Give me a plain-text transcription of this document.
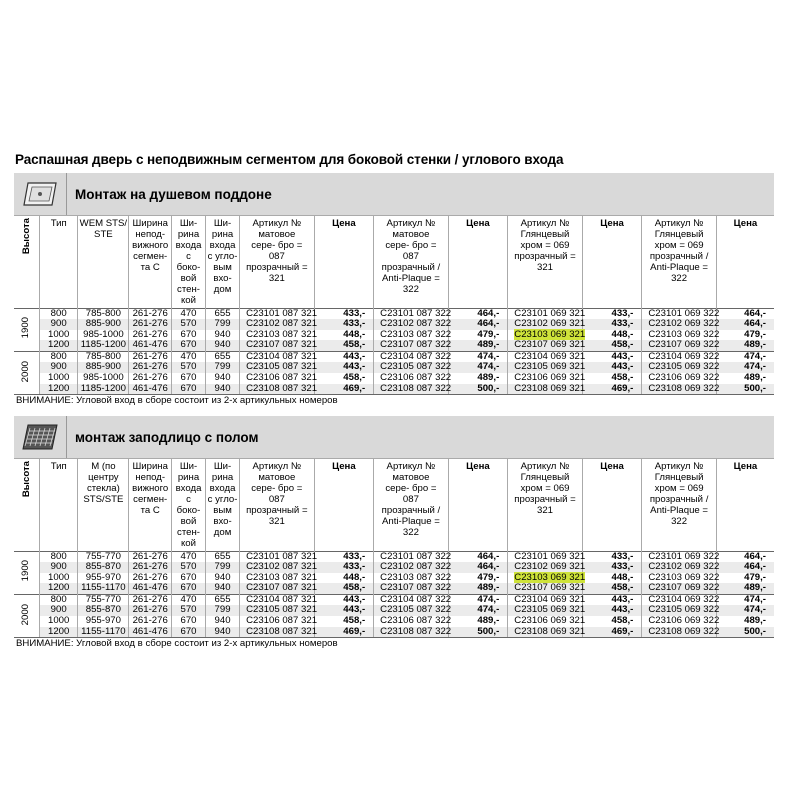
Распашная дверь с неподвижным сегментом для боковой стенки / углового входа
Монтаж на душевом поддоне
Высота	Тип	WEM STS/ STE	Ширина непод- вижного сегмен- та C	Ши- рина входа с боко- вой стен- кой	Ши- рина входа с угло- вым вхо- дом	Артикул № матовое сере- бро = 087 прозрачный = 321	Цена	Артикул № матовое сере- бро = 087 прозрачный / Anti-Plaque = 322	Цена	Артикул № Глянцевый хром = 069 прозрачный = 321	Цена	Артикул № Глянцевый хром = 069 прозрачный / Anti-Plaque = 322	Цена
1900	800	785-800	261-276	470	655	C23101 087 321	433,-	C23101 087 322	464,-	C23101 069 321	433,-	C23101 069 322	464,-
	900	885-900	261-276	570	799	C23102 087 321	433,-	C23102 087 322	464,-	C23102 069 321	433,-	C23102 069 322	464,-
	1000	985-1000	261-276	670	940	C23103 087 321	448,-	C23103 087 322	479,-	C23103 069 321	448,-	C23103 069 322	479,-
	1200	1185-1200	461-476	670	940	C23107 087 321	458,-	C23107 087 322	489,-	C23107 069 321	458,-	C23107 069 322	489,-
2000	800	785-800	261-276	470	655	C23104 087 321	443,-	C23104 087 322	474,-	C23104 069 321	443,-	C23104 069 322	474,-
	900	885-900	261-276	570	799	C23105 087 321	443,-	C23105 087 322	474,-	C23105 069 321	443,-	C23105 069 322	474,-
	1000	985-1000	261-276	670	940	C23106 087 321	458,-	C23106 087 322	489,-	C23106 069 321	458,-	C23106 069 322	489,-
	1200	1185-1200	461-476	670	940	C23108 087 321	469,-	C23108 087 322	500,-	C23108 069 321	469,-	C23108 069 322	500,-
ВНИМАНИЕ: Угловой вход в сборе состоит из 2-х артикульных номеров
монтаж заподлицо с полом
Высота	Тип	M (по центру стекла) STS/STE	Ширина непод- вижного сегмен- та C	Ши- рина входа с боко- вой стен- кой	Ши- рина входа с угло- вым вхо- дом	Артикул № матовое сере- бро = 087 прозрачный = 321	Цена	Артикул № матовое сере- бро = 087 прозрачный / Anti-Plaque = 322	Цена	Артикул № Глянцевый хром = 069 прозрачный = 321	Цена	Артикул № Глянцевый хром = 069 прозрачный / Anti-Plaque = 322	Цена
1900	800	755-770	261-276	470	655	C23101 087 321	433,-	C23101 087 322	464,-	C23101 069 321	433,-	C23101 069 322	464,-
	900	855-870	261-276	570	799	C23102 087 321	433,-	C23102 087 322	464,-	C23102 069 321	433,-	C23102 069 322	464,-
	1000	955-970	261-276	670	940	C23103 087 321	448,-	C23103 087 322	479,-	C23103 069 321	448,-	C23103 069 322	479,-
	1200	1155-1170	461-476	670	940	C23107 087 321	458,-	C23107 087 322	489,-	C23107 069 321	458,-	C23107 069 322	489,-
2000	800	755-770	261-276	470	655	C23104 087 321	443,-	C23104 087 322	474,-	C23104 069 321	443,-	C23104 069 322	474,-
	900	855-870	261-276	570	799	C23105 087 321	443,-	C23105 087 322	474,-	C23105 069 321	443,-	C23105 069 322	474,-
	1000	955-970	261-276	670	940	C23106 087 321	458,-	C23106 087 322	489,-	C23106 069 321	458,-	C23106 069 322	489,-
	1200	1155-1170	461-476	670	940	C23108 087 321	469,-	C23108 087 322	500,-	C23108 069 321	469,-	C23108 069 322	500,-
ВНИМАНИЕ: Угловой вход в сборе состоит из 2-х артикульных номеров
